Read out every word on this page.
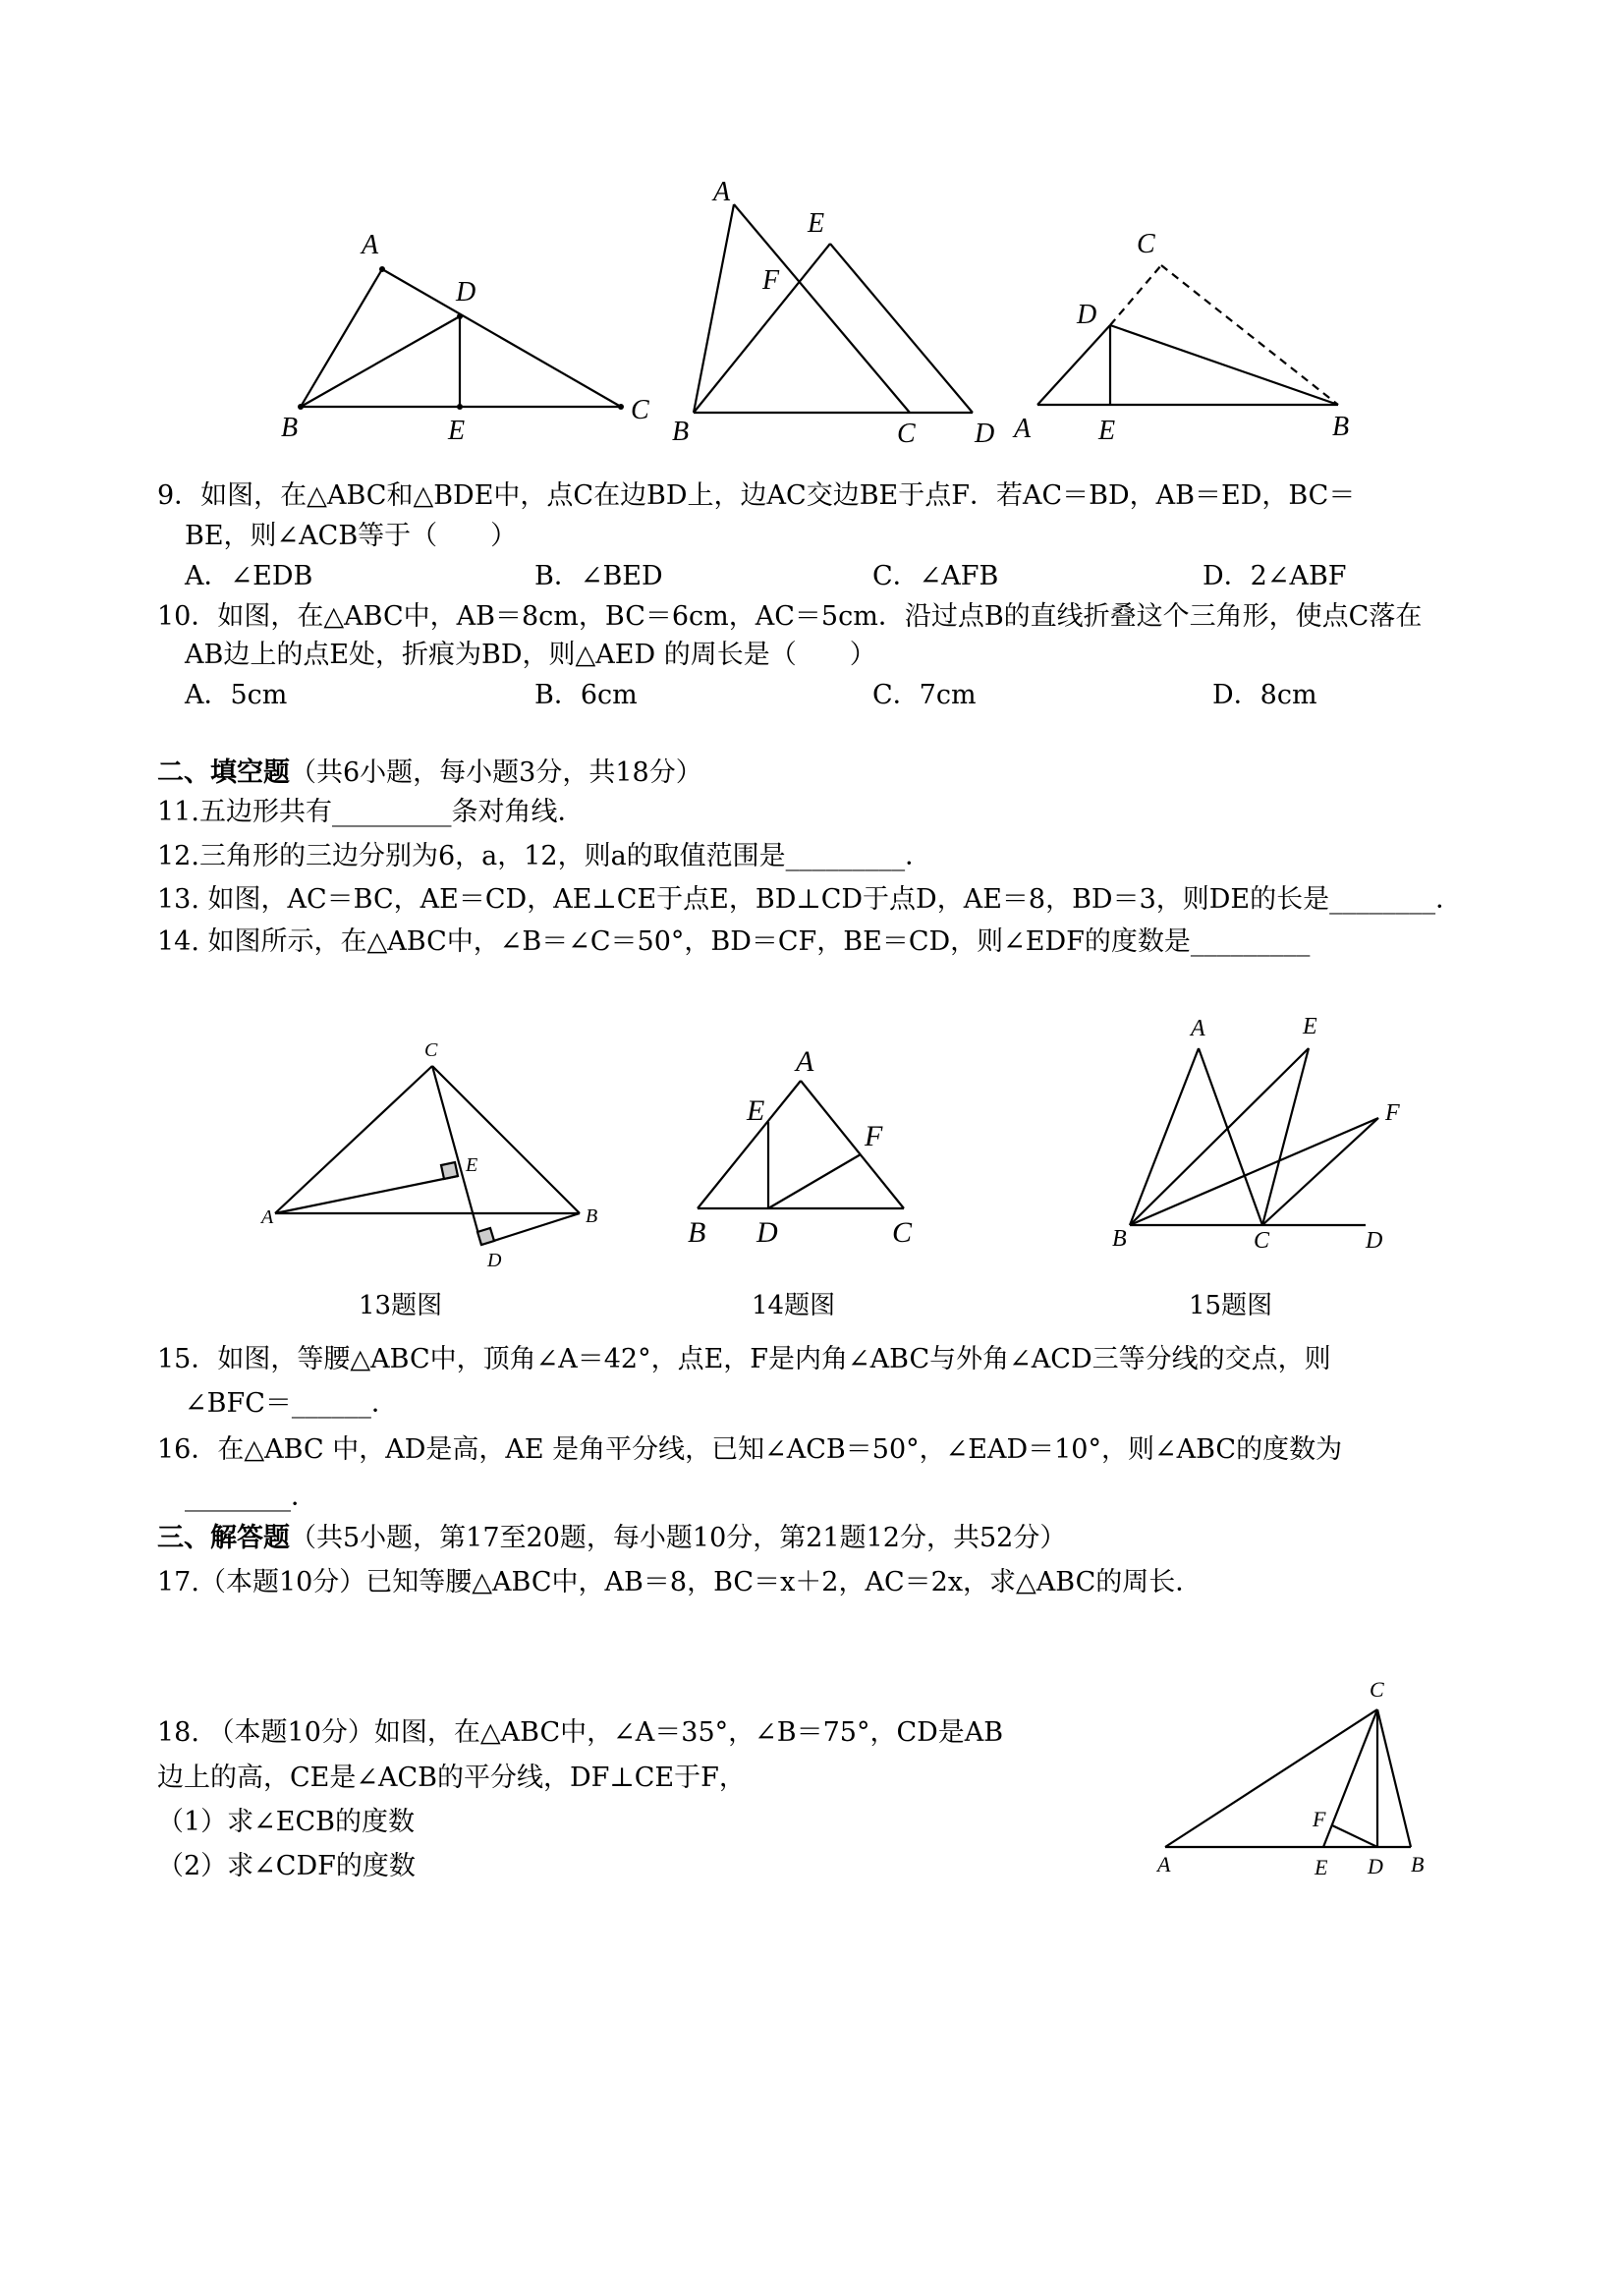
A
D
B	E
C
A
E
F
B	C D
C
D
A E	B
9．如图，在△ABC和△BDE中，点C在边BD上，边AC交边BE于点F．若AC＝BD，AB＝ED，BC＝
BE，则∠ACB等于（　　）
A．∠EDB	B．∠BED	C．∠AFB	D．2∠ABF
10．如图，在△ABC中，AB＝8cm，BC＝6cm，AC＝5cm．沿过点B的直线折叠这个三角形，使点C落在
AB边上的点E处，折痕为BD，则△AED 的周长是（　　）
A．5cm	B．6cm	C．7cm	D．8cm
二、填空题（共6小题，每小题3分，共18分）
11.五边形共有_________条对角线．
12.三角形的三边分别为6，a，12，则a的取值范围是_________．
13. 如图，AC＝BC，AE＝CD，AE⊥CE于点E，BD⊥CD于点D，AE＝8，BD＝3，则DE的长是________．
14. 如图所示，在△ABC中，∠B＝∠C＝50°，BD＝CF，BE＝CD，则∠EDF的度数是_________
C
E
A	B
D
13题图
A
E
F
B D	C
14题图
A	E
F
B	C	D
15题图
15．如图，等腰△ABC中，顶角∠A＝42°，点E，F是内角∠ABC与外角∠ACD三等分线的交点，则
∠BFC＝______．
16．在△ABC 中，AD是高，AE 是角平分线，已知∠ACB＝50°，∠EAD＝10°，则∠ABC的度数为
________．
三、解答题（共5小题，第17至20题，每小题10分，第21题12分，共52分）
17.（本题10分）已知等腰△ABC中，AB＝8，BC＝x＋2，AC＝2x，求△ABC的周长．
18. （本题10分）如图，在△ABC中，∠A＝35°，∠B＝75°，CD是AB
边上的高，CE是∠ACB的平分线，DF⊥CE于F，
（1）求∠ECB的度数
（2）求∠CDF的度数
C
F
A	E D B
